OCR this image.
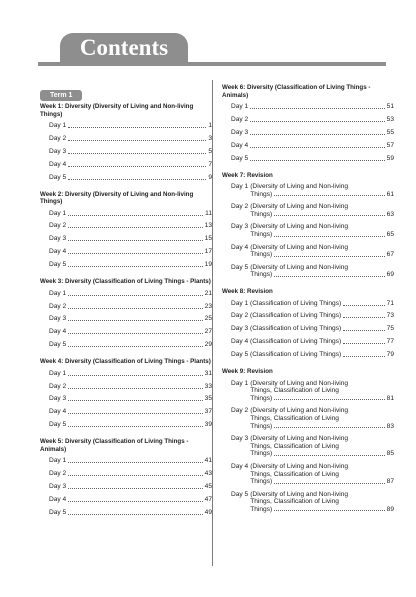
Contents
Term 1
Week 1: Diversity (Diversity of Living and Non-living Things)
Day 1	1
Day 2	3
Day 3	5
Day 4	7
Day 5	9
Week 2: Diversity (Diversity of Living and Non-living Things)
Day 1	11
Day 2	13
Day 3	15
Day 4	17
Day 5	19
Week 3: Diversity (Classification of Living Things - Plants)
Day 1	21
Day 2	23
Day 3	25
Day 4	27
Day 5	29
Week 4: Diversity (Classification of Living Things - Plants)
Day 1	31
Day 2	33
Day 3	35
Day 4	37
Day 5	39
Week 5: Diversity (Classification of Living Things - Animals)
Day 1	41
Day 2	43
Day 3	45
Day 4	47
Day 5	49
Week 6: Diversity (Classification of Living Things - Animals)
Day 1	51
Day 2	53
Day 3	55
Day 4	57
Day 5	59
Week 7: Revision
Day 1 (Diversity of Living and Non-living
Things)	61
Day 2 (Diversity of Living and Non-living
Things)	63
Day 3 (Diversity of Living and Non-living
Things)	65
Day 4 (Diversity of Living and Non-living
Things)	67
Day 5 (Diversity of Living and Non-living
Things)	69
Week 8: Revision
Day 1 (Classification of Living Things)	71
Day 2 (Classification of Living Things)	73
Day 3 (Classification of Living Things)	75
Day 4 (Classification of Living Things)	77
Day 5 (Classification of Living Things)	79
Week 9: Revision
Day 1 (Diversity of Living and Non-living
Things, Classification of Living
Things)	81
Day 2 (Diversity of Living and Non-living
Things, Classification of Living
Things)	83
Day 3 (Diversity of Living and Non-living
Things, Classification of Living
Things)	85
Day 4 (Diversity of Living and Non-living
Things, Classification of Living
Things)	87
Day 5 (Diversity of Living and Non-living
Things, Classification of Living
Things)	89
